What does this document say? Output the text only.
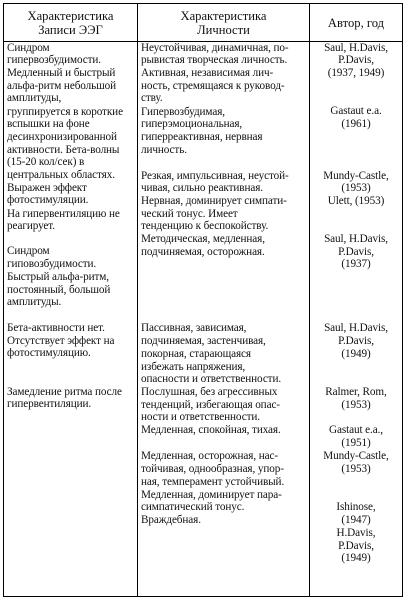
Характеристика
Записи ЭЭГ
Характеристика
Личности	Автор, год
Синдром
гипервозбудимости.
Медленный и быстрый
альфа-ритм небольшой
амплитуды,
группируется в короткие
вспышки на фоне
десинхронизированной
активности. Бета-волны
(15-20 кол/сек) в
центральных областях.
Выражен эффект
фотостимуляции.
На гипервентиляцию не
реагирует.
Синдром
гиповозбудимости.
Быстрый альфа-ритм,
постоянный, большой
амплитуды.
Бета-активности нет.
Отсутствует эффект на
фотостимуляцию.
Замедление ритма после
гипервентиляции.
Неустойчивая, динамичная, по-
рывистая творческая личность.
Активная, независимая лич-
ность, стремящаяся к руковод-
ству.
Гипервозбудимая,
гиперэмоциональная,
гиперреактивная, нервная
личность.
Резкая, импульсивная, неустой-
чивая, сильно реактивная.
Нервная, доминирует симпати-
ческий тонус. Имеет
тенденцию к беспокойству.
Методическая, медленная,
подчиняемая, осторожная.
Пассивная, зависимая,
подчиняемая, застенчивая,
покорная, старающаяся
избежать напряжения,
опасности и ответственности.
Послушная, без агрессивных
тенденций, избегающая опас-
ности и ответственности.
Медленная, спокойная, тихая.
Медленная, осторожная, нас-
тойчивая, однообразная, упор-
ная, темперамент устойчивый.
Медленная, доминирует пара-
симпатический тонус.
Враждебная.
Saul, H.Davis,
P.Davis,
(1937, 1949)
Gastaut e.a.
(1961)
Mundy-Castle,
(1953)
Ulett, (1953)
Saul, H.Davis,
P.Davis,
(1937)
Saul, H.Davis,
P.Davis,
(1949)
Ralmer, Rom,
(1953)
Gastaut e.a.,
(1951)
Mundy-Castle,
(1953)
Ishinose,
(1947)
H.Davis,
P.Davis,
(1949)
